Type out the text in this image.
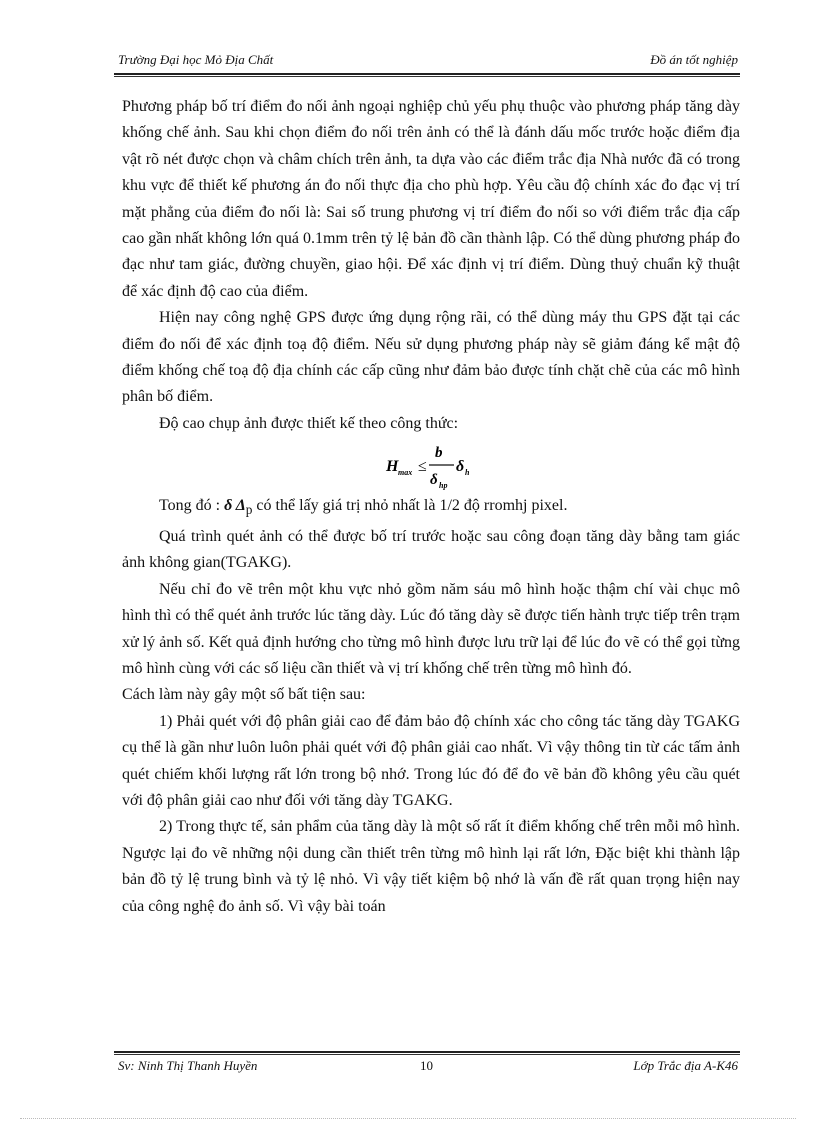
Trường Đại học Mỏ Địa Chất	Đồ án tốt nghiệp

Phương pháp bố trí điểm đo nối ảnh ngoại nghiệp chủ yếu phụ thuộc vào phương pháp tăng dày khống chế ảnh. Sau khi chọn điểm đo nối trên ảnh có thể là đánh dấu mốc trước hoặc điểm địa vật rõ nét được chọn và châm chích trên ảnh, ta dựa vào các điểm trắc địa Nhà nước đã có trong khu vực để thiết kế phương án đo nối thực địa cho phù hợp. Yêu cầu độ chính xác đo đạc vị trí mặt phẳng của điểm đo nối là: Sai số trung phương vị trí điểm đo nối so với điểm trắc địa cấp cao gần nhất không lớn quá 0.1mm trên tỷ lệ bản đồ cần thành lập. Có thể dùng phương pháp đo đạc như tam giác, đường chuyền, giao hội. Để xác định vị trí điểm. Dùng thuỷ chuẩn kỹ thuật để xác định độ cao của điểm.

Hiện nay công nghệ GPS được ứng dụng rộng rãi, có thể dùng máy thu GPS đặt tại các điểm đo nối để xác định toạ độ điểm. Nếu sử dụng phương pháp này sẽ giảm đáng kể mật độ điểm khống chế toạ độ địa chính các cấp cũng như đảm bảo được tính chặt chẽ của các mô hình phân bố điểm.

Độ cao chụp ảnh được thiết kế theo công thức:

H max ≤
b
δ hp
δ h

Tong đó : δ $\Delta_p$ có thể lấy giá trị nhỏ nhất là 1/2 độ rromhj pixel.

Quá trình quét ảnh có thể được bố trí trước hoặc sau công đoạn tăng dày bằng tam giác ảnh không gian(TGAKG).

Nếu chỉ đo vẽ trên một khu vực nhỏ gồm năm sáu mô hình hoặc thậm chí vài chục mô hình thì có thể quét ảnh trước lúc tăng dày. Lúc đó tăng dày sẽ được tiến hành trực tiếp trên trạm xử lý ảnh số. Kết quả định hướng cho từng mô hình được lưu trữ lại để lúc đo vẽ có thể gọi từng mô hình cùng với các số liệu cần thiết và vị trí khống chế trên từng mô hình đó.

Cách làm này gây một số bất tiện sau:

1) Phải quét với độ phân giải cao để đảm bảo độ chính xác cho công tác tăng dày TGAKG cụ thể là gần như luôn luôn phải quét với độ phân giải cao nhất. Vì vậy thông tin từ các tấm ảnh quét chiếm khối lượng rất lớn trong bộ nhớ. Trong lúc đó để đo vẽ bản đồ không yêu cầu quét với độ phân giải cao như đối với tăng dày TGAKG.

2) Trong thực tế, sản phẩm của tăng dày là một số rất ít điểm khống chế trên mỗi mô hình. Ngược lại đo vẽ những nội dung cần thiết trên từng mô hình lại rất lớn, Đặc biệt khi thành lập bản đồ tỷ lệ trung bình và tỷ lệ nhỏ. Vì vậy tiết kiệm bộ nhớ là vấn đề rất quan trọng hiện nay của công nghệ đo ảnh số. Vì vậy bài toán

Sv: Ninh Thị Thanh Huyền	10	Lớp Trắc địa A-K46
